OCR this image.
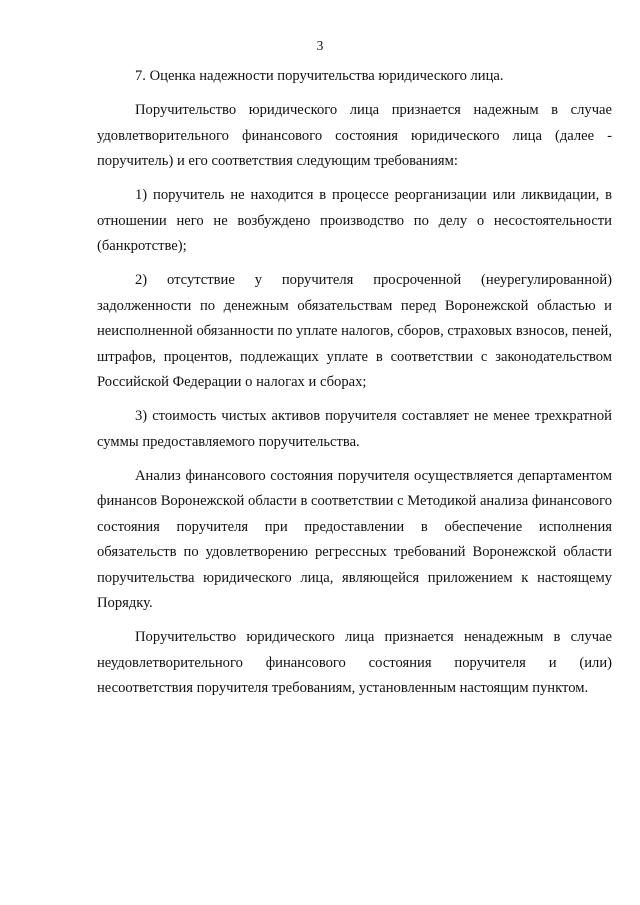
3

7. Оценка надежности поручительства юридического лица.

Поручительство юридического лица признается надежным в случае удовлетворительного финансового состояния юридического лица (далее - поручитель) и его соответствия следующим требованиям:

1) поручитель не находится в процессе реорганизации или ликвидации, в отношении него не возбуждено производство по делу о несостоятельности (банкротстве);

2) отсутствие у поручителя просроченной (неурегулированной) задолженности по денежным обязательствам перед Воронежской областью и неисполненной обязанности по уплате налогов, сборов, страховых взносов, пеней, штрафов, процентов, подлежащих уплате в соответствии с законодательством Российской Федерации о налогах и сборах;

3) стоимость чистых активов поручителя составляет не менее трехкратной суммы предоставляемого поручительства.

Анализ финансового состояния поручителя осуществляется департаментом финансов Воронежской области в соответствии с Методикой анализа финансового состояния поручителя при предоставлении в обеспечение исполнения обязательств по удовлетворению регрессных требований Воронежской области поручительства юридического лица, являющейся приложением к настоящему Порядку.

Поручительство юридического лица признается ненадежным в случае неудовлетворительного финансового состояния поручителя и (или) несоответствия поручителя требованиям, установленным настоящим пунктом.
